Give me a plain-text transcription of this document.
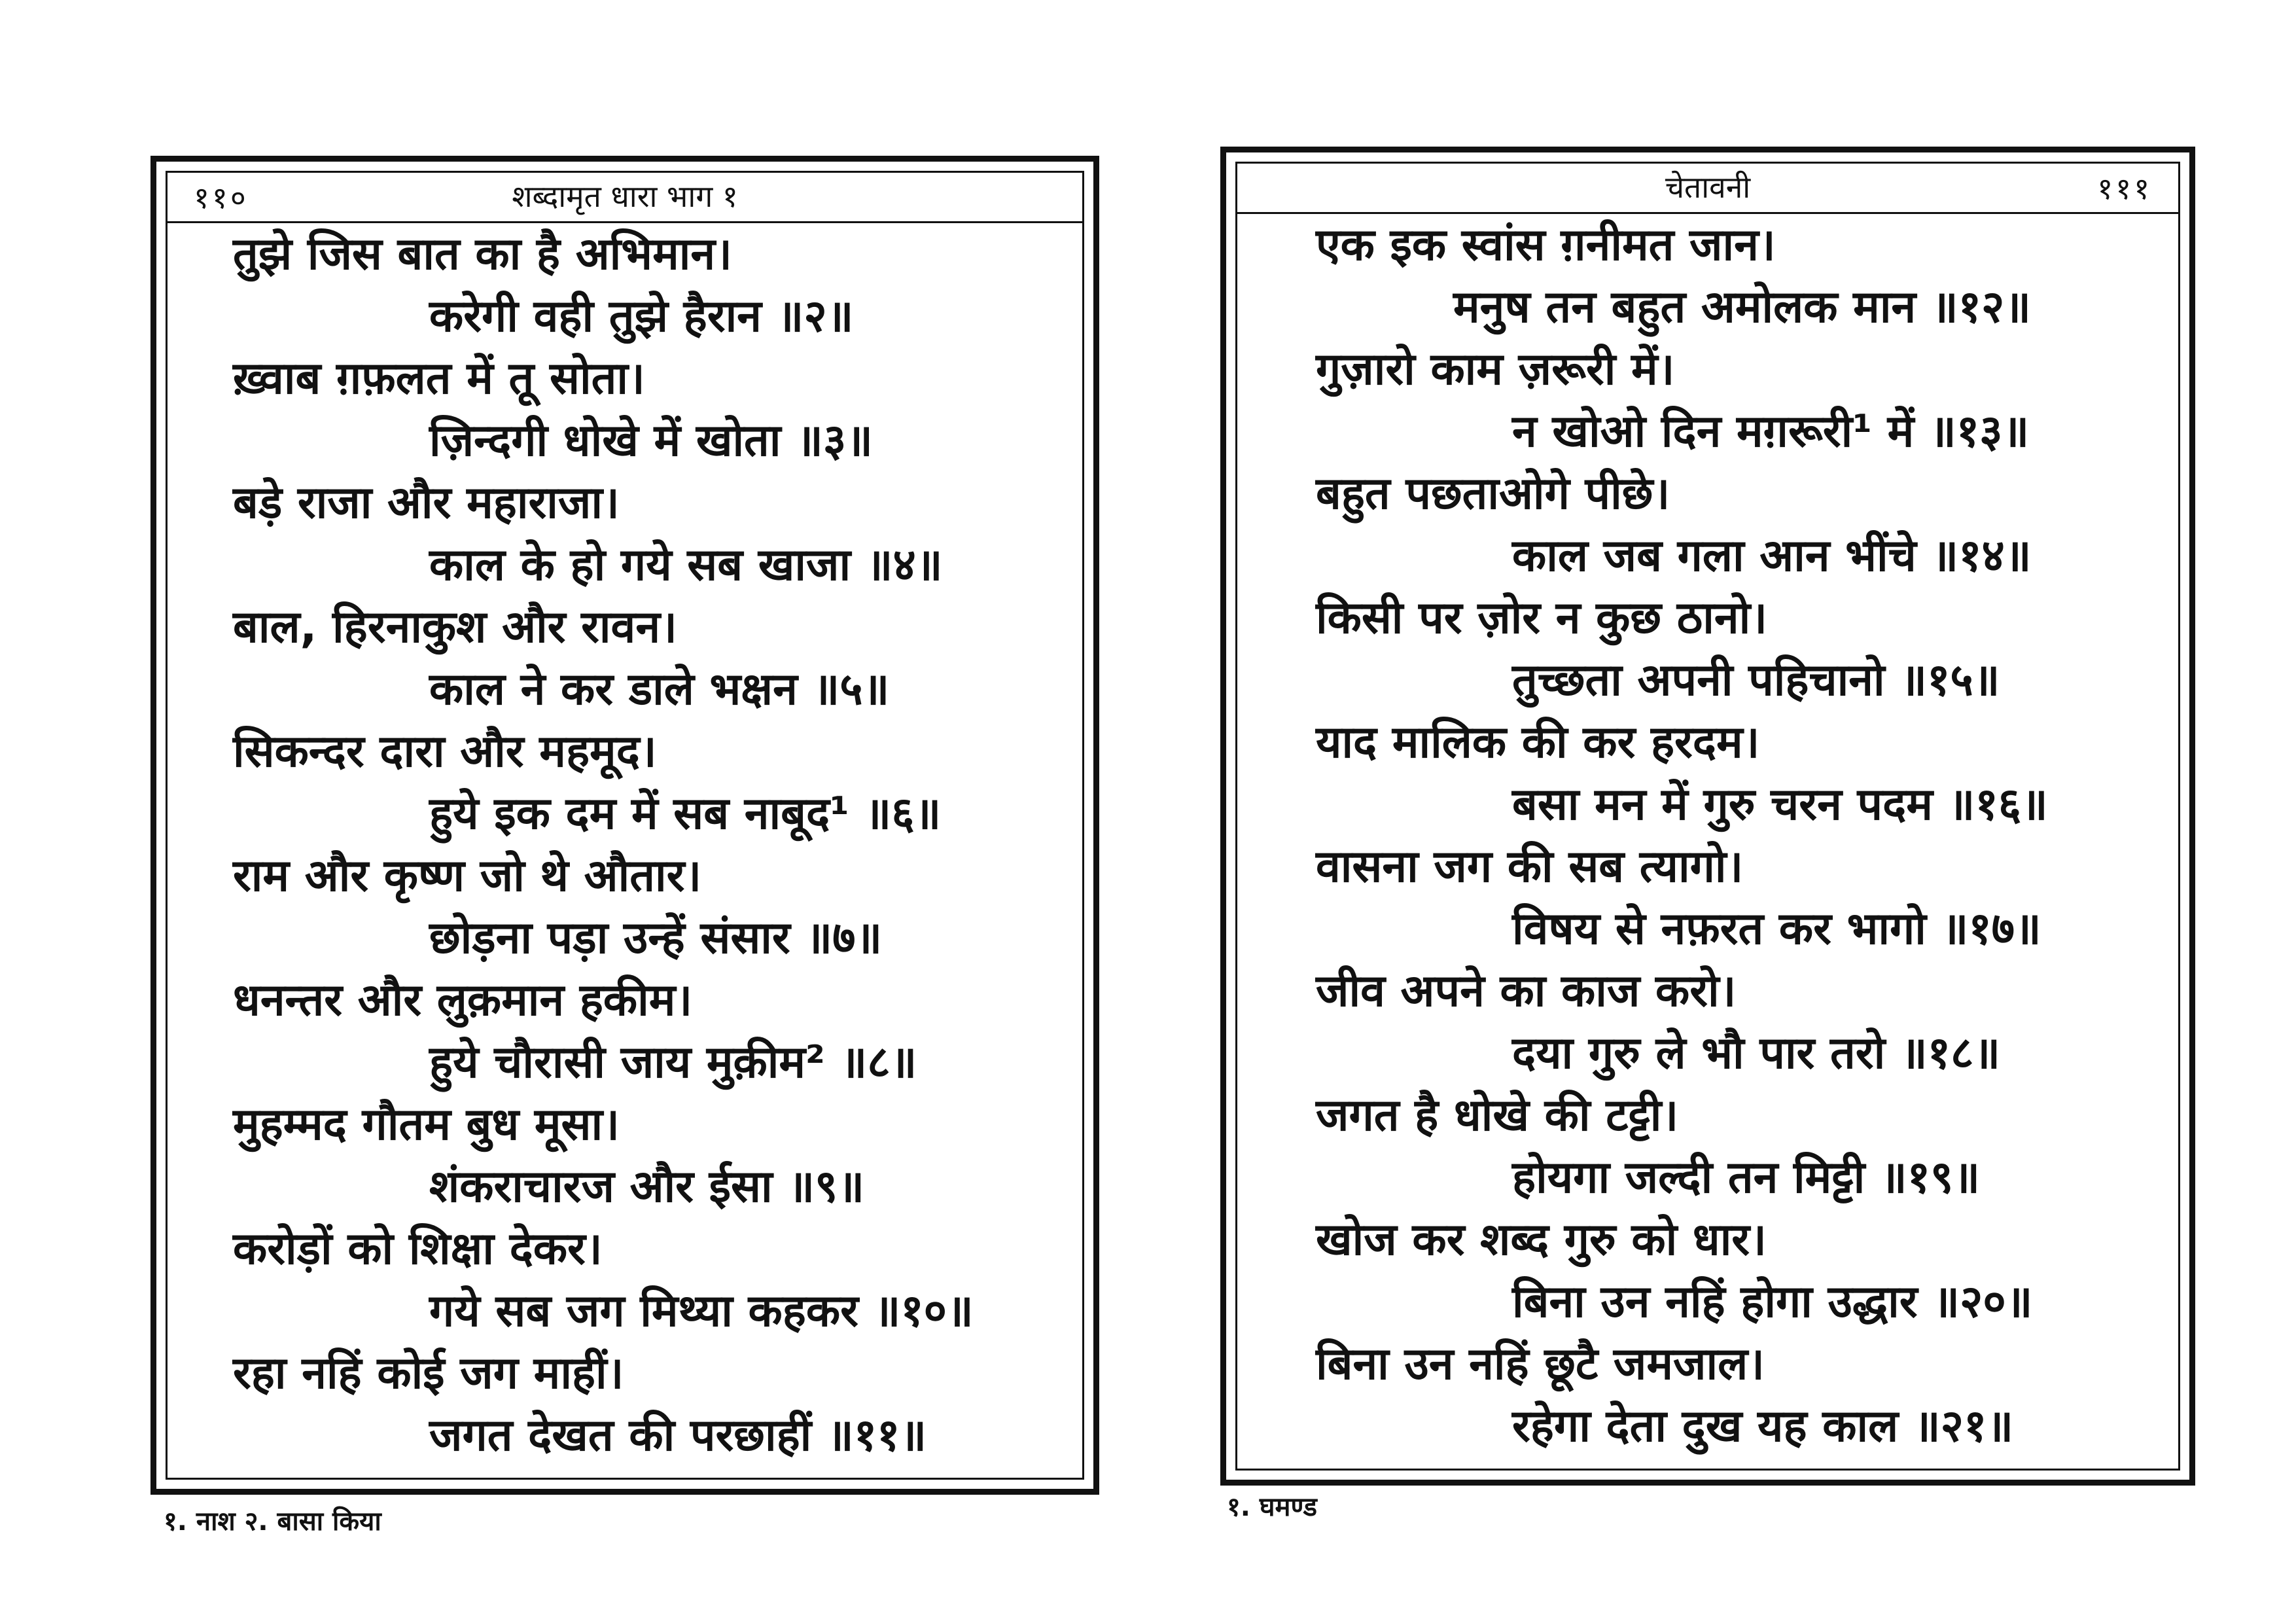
११०	शब्दामृत धारा भाग १
तुझे जिस बात का है अभिमान।
करेगी वही तुझे हैरान ॥२॥
ख़्वाब ग़फ़लत में तू सोता।
ज़िन्दगी धोखे में खोता ॥३॥
बड़े राजा और महाराजा।
काल के हो गये सब खाजा ॥४॥
बाल, हिरनाकुश और रावन।
काल ने कर डाले भक्षन ॥५॥
सिकन्दर दारा और महमूद।
हुये इक दम में सब नाबूद¹ ॥६॥
राम और कृष्ण जो थे औतार।
छोड़ना पड़ा उन्हें संसार ॥७॥
धनन्तर और लुक़मान हकीम।
हुये चौरासी जाय मुक़ीम² ॥८॥
मुहम्मद गौतम बुध मूसा।
शंकराचारज और ईसा ॥९॥
करोड़ों को शिक्षा देकर।
गये सब जग मिथ्या कहकर ॥१०॥
रहा नहिं कोई जग माहीं।
जगत देखत की परछाहीं ॥११॥
१. नाश २. बासा किया
चेतावनी	१११
एक इक स्वांस ग़नीमत जान।
मनुष तन बहुत अमोलक मान ॥१२॥
गुज़ारो काम ज़रूरी में।
न खोओ दिन मग़रूरी¹ में ॥१३॥
बहुत पछताओगे पीछे।
काल जब गला आन भींचे ॥१४॥
किसी पर ज़ोर न कुछ ठानो।
तुच्छता अपनी पहिचानो ॥१५॥
याद मालिक की कर हरदम।
बसा मन में गुरु चरन पदम ॥१६॥
वासना जग की सब त्यागो।
विषय से नफ़रत कर भागो ॥१७॥
जीव अपने का काज करो।
दया गुरु ले भौ पार तरो ॥१८॥
जगत है धोखे की टट्टी।
होयगा जल्दी तन मिट्टी ॥१९॥
खोज कर शब्द गुरु को धार।
बिना उन नहिं होगा उद्धार ॥२०॥
बिना उन नहिं छूटै जमजाल।
रहेगा देता दुख यह काल ॥२१॥
१. घमण्ड
